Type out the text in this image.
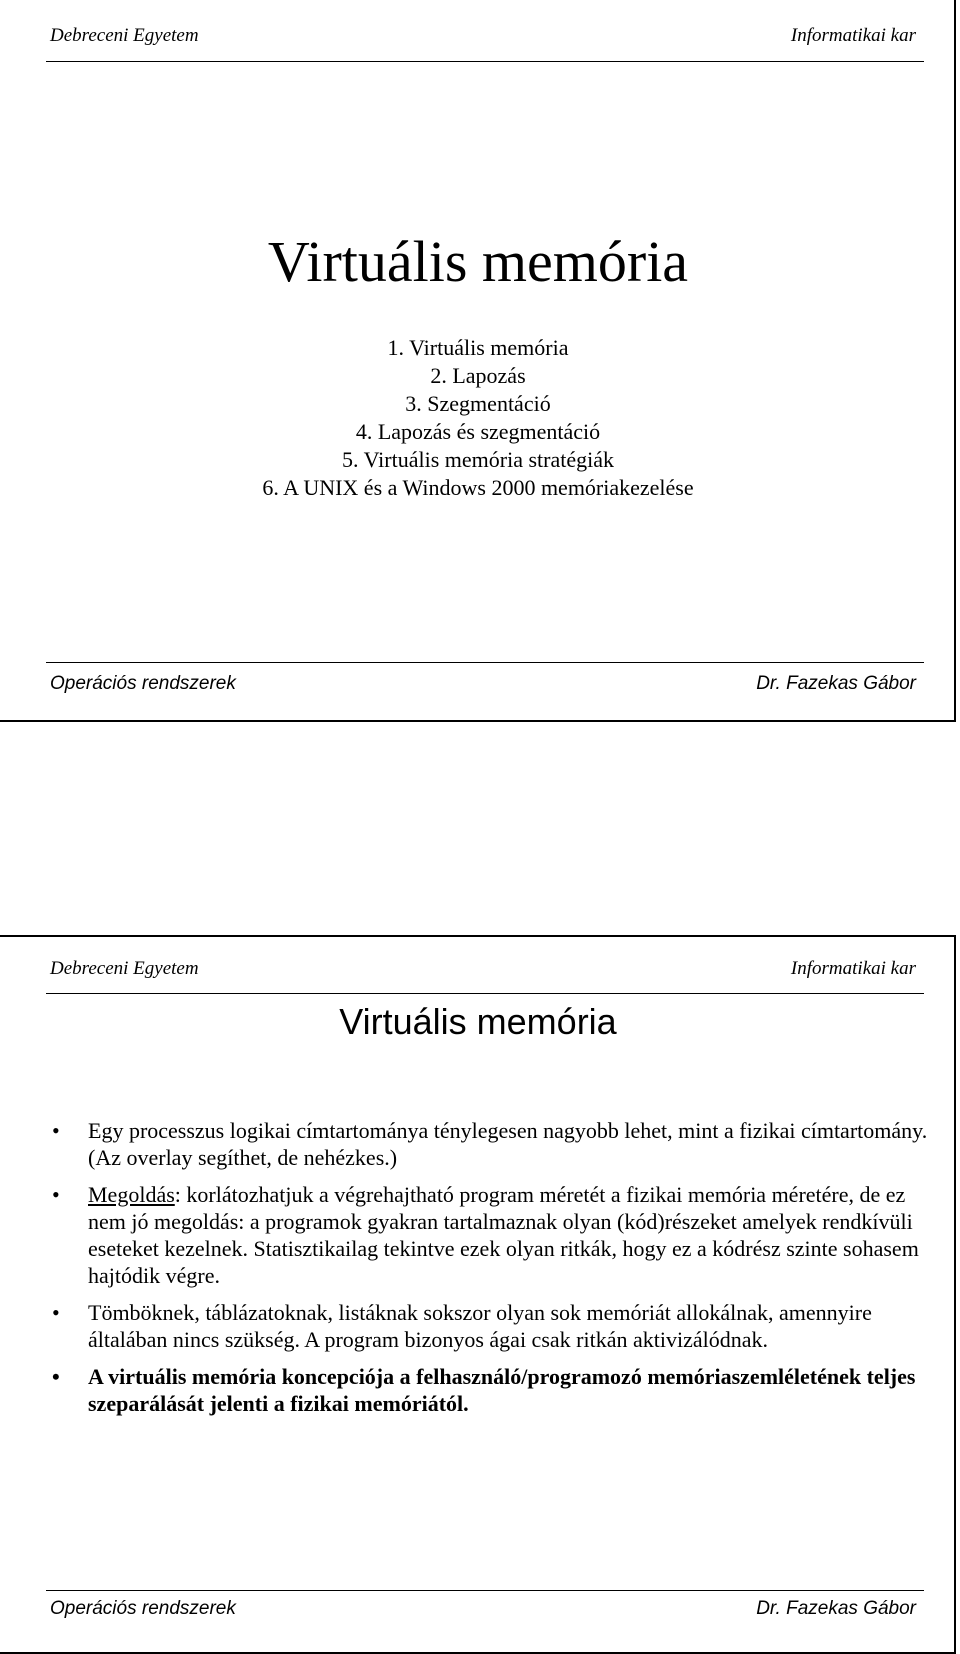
Debreceni Egyetem	Informatikai kar
Virtuális memória
1. Virtuális memória
2. Lapozás
3. Szegmentáció
4. Lapozás és szegmentáció
5. Virtuális memória stratégiák
6. A UNIX és a Windows 2000 memóriakezelése
Operációs rendszerek	Dr. Fazekas Gábor
Debreceni Egyetem	Informatikai kar
Virtuális memória
• Egy processzus logikai címtartománya ténylegesen nagyobb lehet, mint a fizikai címtartomány. (Az overlay segíthet, de nehézkes.)
• Megoldás: korlátozhatjuk a végrehajtható program méretét a fizikai memória méretére, de ez nem jó megoldás: a programok gyakran tartalmaznak olyan (kód)részeket amelyek rendkívüli eseteket kezelnek. Statisztikailag tekintve ezek olyan ritkák, hogy ez a kódrész szinte sohasem hajtódik végre.
• Tömböknek, táblázatoknak, listáknak sokszor olyan sok memóriát allokálnak, amennyire általában nincs szükség. A program bizonyos ágai csak ritkán aktivizálódnak.
• A virtuális memória koncepciója a felhasználó/programozó memóriaszemléletének teljes szeparálását jelenti a fizikai memóriától.
Operációs rendszerek	Dr. Fazekas Gábor
